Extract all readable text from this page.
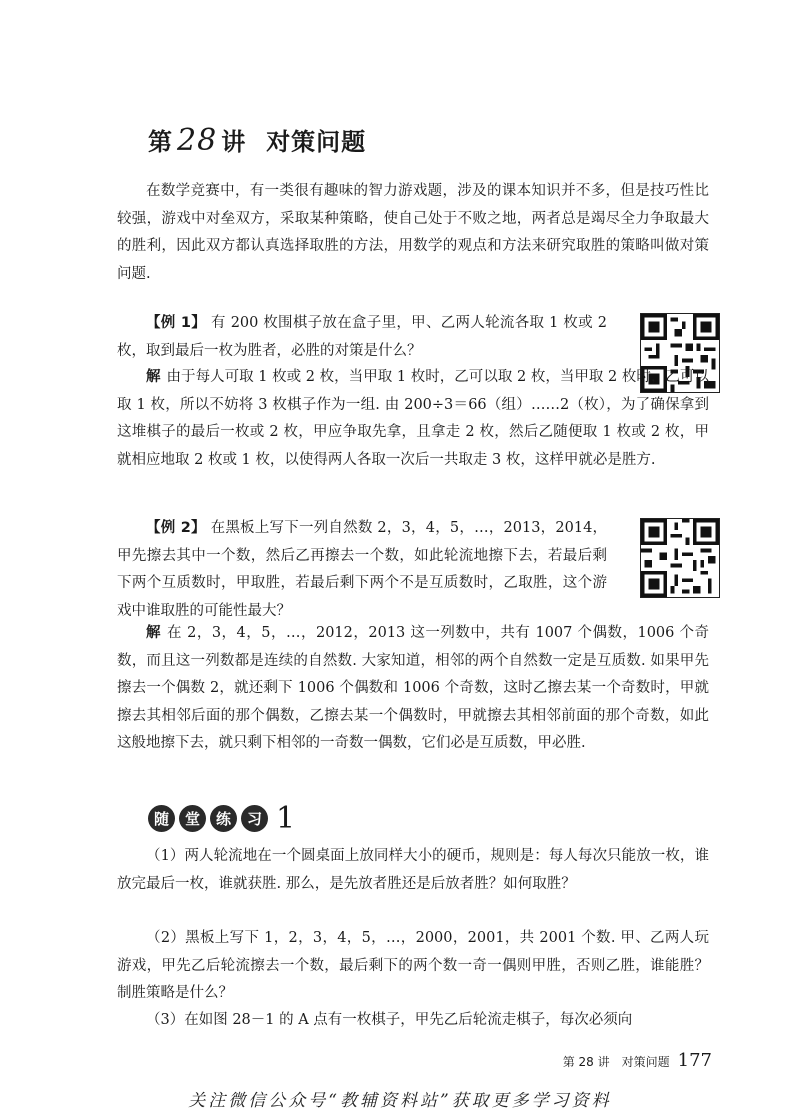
第 28 讲 对策问题

在数学竞赛中，有一类很有趣味的智力游戏题，涉及的课本知识并不多，但是技巧性比较强，游戏中对垒双方，采取某种策略，使自己处于不败之地，两者总是竭尽全力争取最大的胜利，因此双方都认真选择取胜的方法，用数学的观点和方法来研究取胜的策略叫做对策问题.

【例 1】 有 200 枚围棋子放在盒子里，甲、乙两人轮流各取 1 枚或 2 枚，取到最后一枚为胜者，必胜的对策是什么？

解 由于每人可取 1 枚或 2 枚，当甲取 1 枚时，乙可以取 2 枚，当甲取 2 枚时，乙可以取 1 枚，所以不妨将 3 枚棋子作为一组. 由 200÷3＝66（组）……2（枚），为了确保拿到这堆棋子的最后一枚或 2 枚，甲应争取先拿，且拿走 2 枚，然后乙随便取 1 枚或 2 枚，甲就相应地取 2 枚或 1 枚，以使得两人各取一次后一共取走 3 枚，这样甲就必是胜方.

【例 2】 在黑板上写下一列自然数 2，3，4，5，…，2013，2014，甲先擦去其中一个数，然后乙再擦去一个数，如此轮流地擦下去，若最后剩下两个互质数时，甲取胜，若最后剩下两个不是互质数时，乙取胜，这个游戏中谁取胜的可能性最大？

解 在 2，3，4，5，…，2012，2013 这一列数中，共有 1007 个偶数，1006 个奇数，而且这一列数都是连续的自然数. 大家知道，相邻的两个自然数一定是互质数. 如果甲先擦去一个偶数 2，就还剩下 1006 个偶数和 1006 个奇数，这时乙擦去某一个奇数时，甲就擦去其相邻后面的那个偶数，乙擦去某一个偶数时，甲就擦去其相邻前面的那个奇数，如此这般地擦下去，就只剩下相邻的一奇数一偶数，它们必是互质数，甲必胜.

随	堂	练	习 1

（1）两人轮流地在一个圆桌面上放同样大小的硬币，规则是：每人每次只能放一枚，谁放完最后一枚，谁就获胜. 那么，是先放者胜还是后放者胜？如何取胜？

（2）黑板上写下 1，2，3，4，5，…，2000，2001，共 2001 个数. 甲、乙两人玩游戏，甲先乙后轮流擦去一个数，最后剩下的两个数一奇一偶则甲胜，否则乙胜，谁能胜？制胜策略是什么？

（3）在如图 28－1 的 A 点有一枚棋子，甲先乙后轮流走棋子，每次必须向

第 28 讲　对策问题 177
关注微信公众号“教辅资料站”获取更多学习资料
